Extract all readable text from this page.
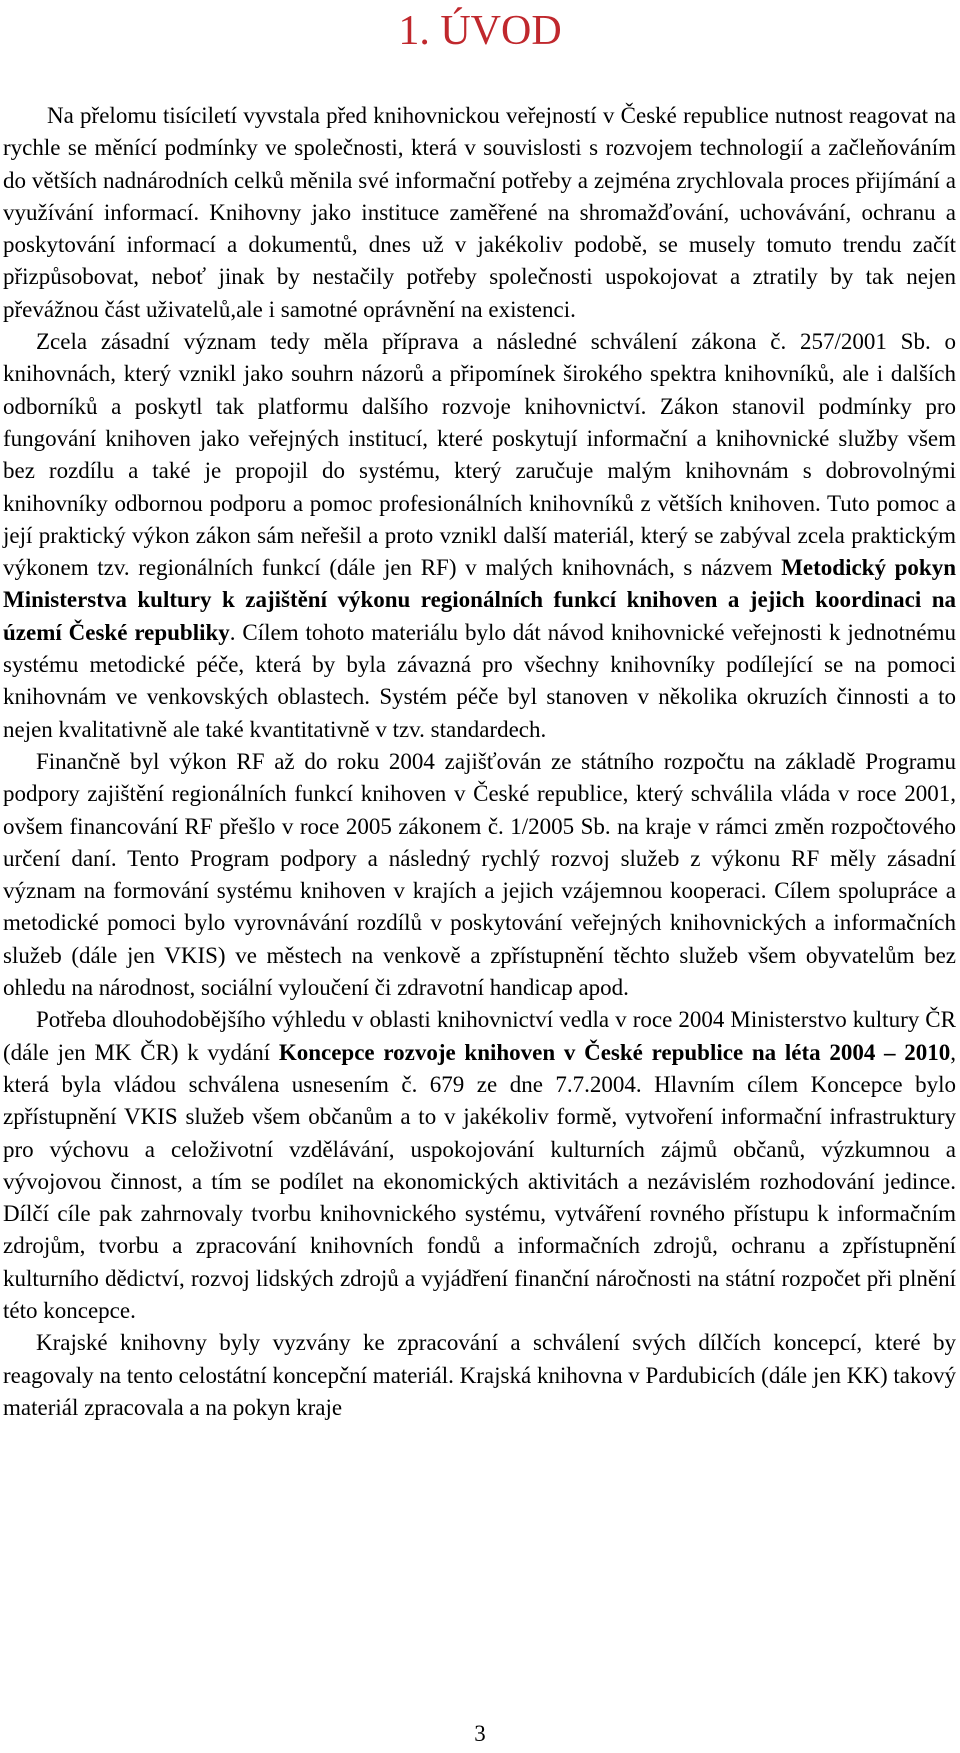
1. ÚVOD

Na přelomu tisíciletí vyvstala před knihovnickou veřejností v České republice nutnost reagovat na rychle se měnící podmínky ve společnosti, která v souvislosti s rozvojem technologií a začleňováním do větších nadnárodních celků měnila své informační potřeby a zejména zrychlovala proces přijímání a využívání informací. Knihovny jako instituce zaměřené na shromažďování, uchovávání, ochranu a poskytování informací a dokumentů, dnes už v jakékoliv podobě, se musely tomuto trendu začít přizpůsobovat, neboť jinak by nestačily potřeby společnosti uspokojovat a ztratily by tak nejen převážnou část uživatelů,ale i samotné oprávnění na existenci.

Zcela zásadní význam tedy měla příprava a následné schválení zákona č. 257/2001 Sb. o knihovnách, který vznikl jako souhrn názorů a připomínek širokého spektra knihovníků, ale i dalších odborníků a poskytl tak platformu dalšího rozvoje knihovnictví. Zákon stanovil podmínky pro fungování knihoven jako veřejných institucí, které poskytují informační a knihovnické služby všem bez rozdílu a také je propojil do systému, který zaručuje malým knihovnám s dobrovolnými knihovníky odbornou podporu a pomoc profesionálních knihovníků z větších knihoven. Tuto pomoc a její praktický výkon zákon sám neřešil a proto vznikl další materiál, který se zabýval zcela praktickým výkonem tzv. regionálních funkcí (dále jen RF) v malých knihovnách, s názvem Metodický pokyn Ministerstva kultury k zajištění výkonu regionálních funkcí knihoven a jejich koordinaci na území České republiky. Cílem tohoto materiálu bylo dát návod knihovnické veřejnosti k jednotnému systému metodické péče, která by byla závazná pro všechny knihovníky podílející se na pomoci knihovnám ve venkovských oblastech. Systém péče byl stanoven v několika okruzích činnosti a to nejen kvalitativně ale také kvantitativně v tzv. standardech.

Finančně byl výkon RF až do roku 2004 zajišťován ze státního rozpočtu na základě Programu podpory zajištění regionálních funkcí knihoven v České republice, který schválila vláda v roce 2001, ovšem financování RF přešlo v roce 2005 zákonem č. 1/2005 Sb. na kraje v rámci změn rozpočtového určení daní. Tento Program podpory a následný rychlý rozvoj služeb z výkonu RF měly zásadní význam na formování systému knihoven v krajích a jejich vzájemnou kooperaci. Cílem spolupráce a metodické pomoci bylo vyrovnávání rozdílů v poskytování veřejných knihovnických a informačních služeb (dále jen VKIS) ve městech na venkově a zpřístupnění těchto služeb všem obyvatelům bez ohledu na národnost, sociální vyloučení či zdravotní handicap apod.

Potřeba dlouhodobějšího výhledu v oblasti knihovnictví vedla v roce 2004 Ministerstvo kultury ČR (dále jen MK ČR) k vydání Koncepce rozvoje knihoven v České republice na léta 2004 – 2010, která byla vládou schválena usnesením č. 679 ze dne 7.7.2004. Hlavním cílem Koncepce bylo zpřístupnění VKIS služeb všem občanům a to v jakékoliv formě, vytvoření informační infrastruktury pro výchovu a celoživotní vzdělávání, uspokojování kulturních zájmů občanů, výzkumnou a vývojovou činnost, a tím se podílet na ekonomických aktivitách a nezávislém rozhodování jedince. Dílčí cíle pak zahrnovaly tvorbu knihovnického systému, vytváření rovného přístupu k informačním zdrojům, tvorbu a zpracování knihovních fondů a informačních zdrojů, ochranu a zpřístupnění kulturního dědictví, rozvoj lidských zdrojů a vyjádření finanční náročnosti na státní rozpočet při plnění této koncepce.

Krajské knihovny byly vyzvány ke zpracování a schválení svých dílčích koncepcí, které by reagovaly na tento celostátní koncepční materiál. Krajská knihovna v Pardubicích (dále jen KK) takový materiál zpracovala a na pokyn kraje

3
